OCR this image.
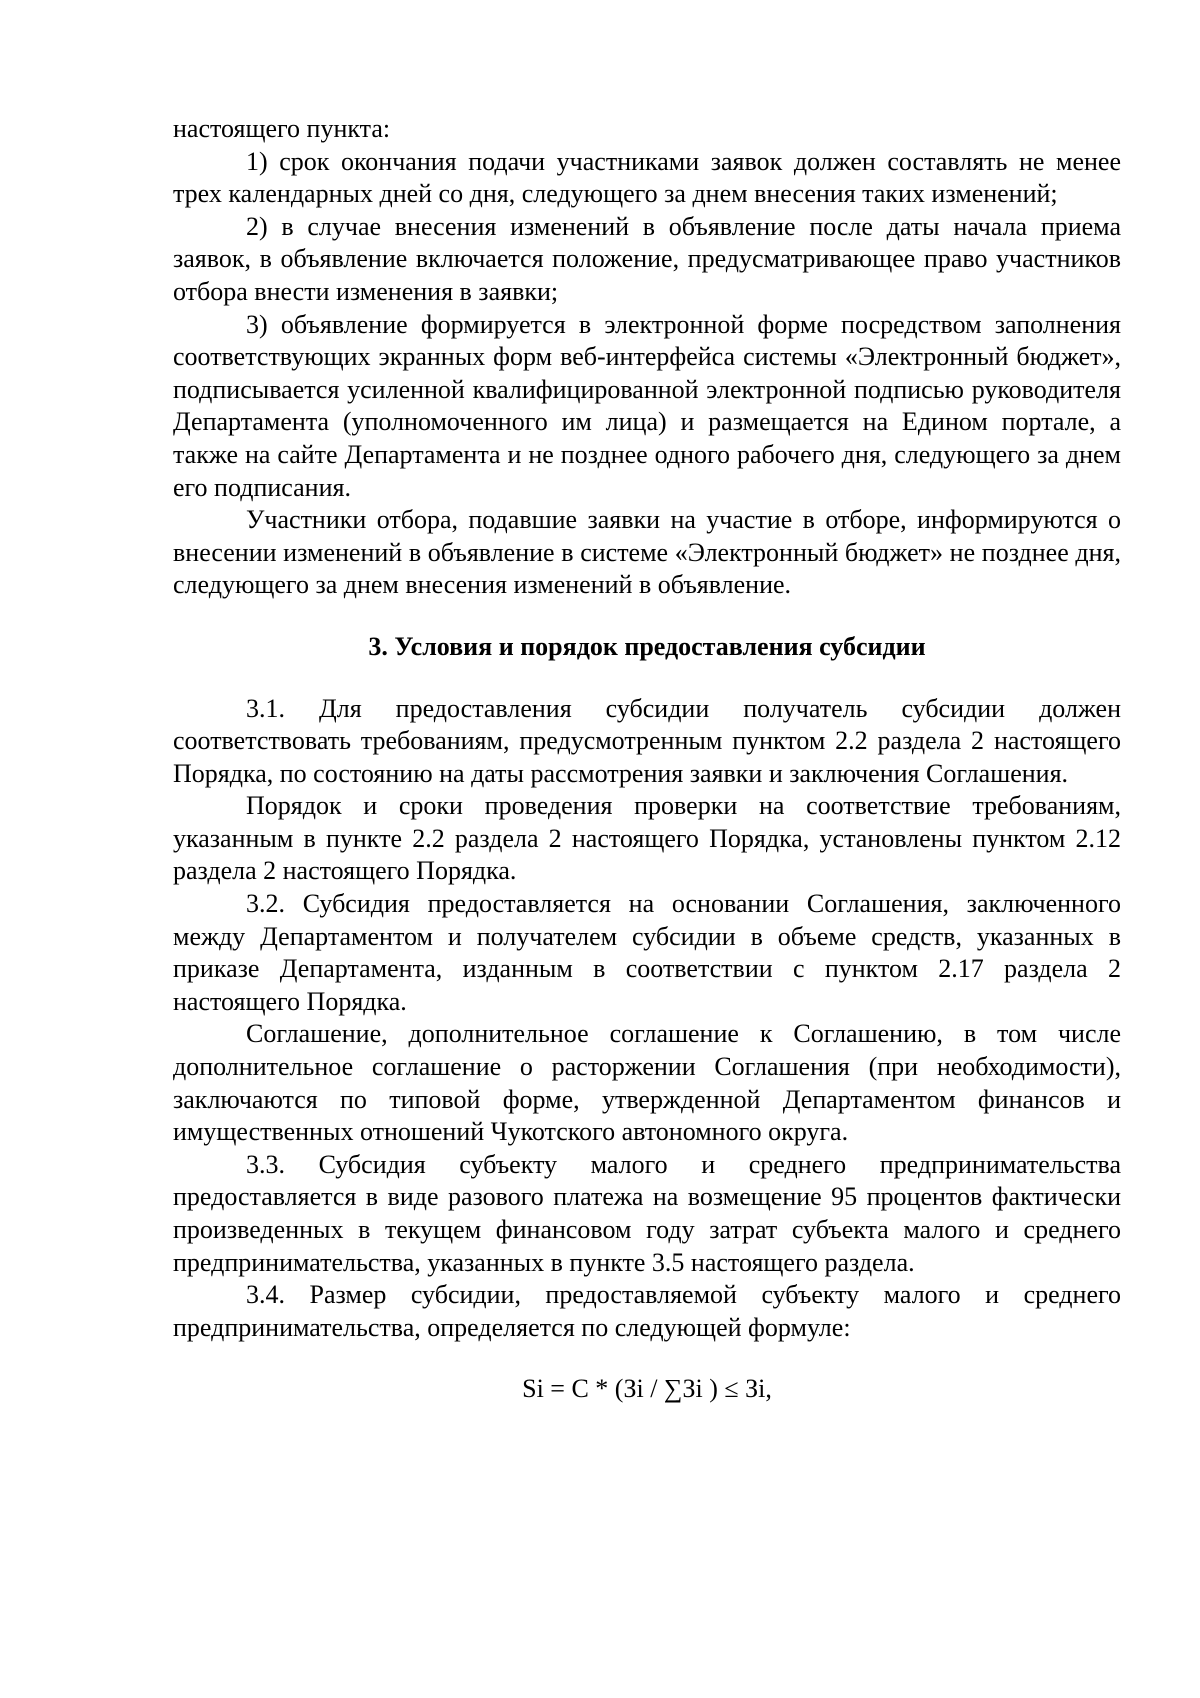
настоящего пункта:

1) срок окончания подачи участниками заявок должен составлять не менее трех календарных дней со дня, следующего за днем внесения таких изменений;

2) в случае внесения изменений в объявление после даты начала приема заявок, в объявление включается положение, предусматривающее право участников отбора внести изменения в заявки;

3) объявление формируется в электронной форме посредством заполнения соответствующих экранных форм веб-интерфейса системы «Электронный бюджет», подписывается усиленной квалифицированной электронной подписью руководителя Департамента (уполномоченного им лица) и размещается на Едином портале, а также на сайте Департамента и не позднее одного рабочего дня, следующего за днем его подписания.

Участники отбора, подавшие заявки на участие в отборе, информируются о внесении изменений в объявление в системе «Электронный бюджет» не позднее дня, следующего за днем внесения изменений в объявление.

3. Условия и порядок предоставления субсидии

3.1. Для предоставления субсидии получатель субсидии должен соответствовать требованиям, предусмотренным пунктом 2.2 раздела 2 настоящего Порядка, по состоянию на даты рассмотрения заявки и заключения Соглашения.

Порядок и сроки проведения проверки на соответствие требованиям, указанным в пункте 2.2 раздела 2 настоящего Порядка, установлены пунктом 2.12 раздела 2 настоящего Порядка.

3.2. Субсидия предоставляется на основании Соглашения, заключенного между Департаментом и получателем субсидии в объеме средств, указанных в приказе Департамента, изданным в соответствии с пунктом 2.17 раздела 2 настоящего Порядка.

Соглашение, дополнительное соглашение к Соглашению, в том числе дополнительное соглашение о расторжении Соглашения (при необходимости), заключаются по типовой форме, утвержденной Департаментом финансов и имущественных отношений Чукотского автономного округа.

3.3. Субсидия субъекту малого и среднего предпринимательства предоставляется в виде разового платежа на возмещение 95 процентов фактически произведенных в текущем финансовом году затрат субъекта малого и среднего предпринимательства, указанных в пункте 3.5 настоящего раздела.

3.4. Размер субсидии, предоставляемой субъекту малого и среднего предпринимательства, определяется по следующей формуле:

Si = C * (Зi / ∑Зi ) ≤ Зi,
